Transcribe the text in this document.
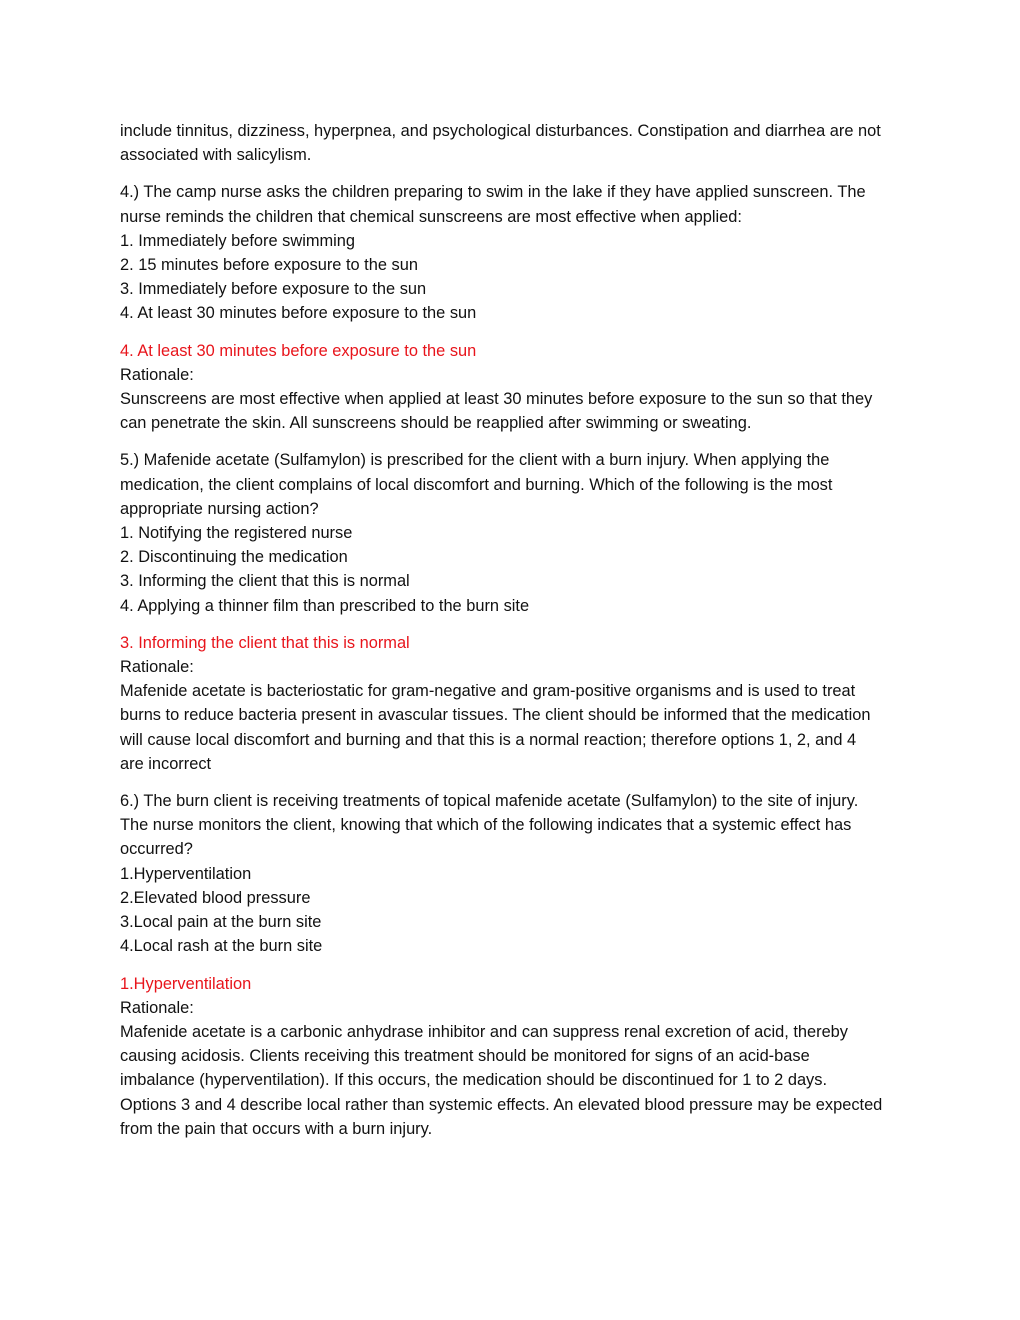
include tinnitus, dizziness, hyperpnea, and psychological disturbances. Constipation and diarrhea are not
associated with salicylism.
4.) The camp nurse asks the children preparing to swim in the lake if they have applied sunscreen. The
nurse reminds the children that chemical sunscreens are most effective when applied:
1. Immediately before swimming
2. 15 minutes before exposure to the sun
3. Immediately before exposure to the sun
4. At least 30 minutes before exposure to the sun
4. At least 30 minutes before exposure to the sun
Rationale:
Sunscreens are most effective when applied at least 30 minutes before exposure to the sun so that they
can penetrate the skin. All sunscreens should be reapplied after swimming or sweating.
5.) Mafenide acetate (Sulfamylon) is prescribed for the client with a burn injury. When applying the
medication, the client complains of local discomfort and burning. Which of the following is the most
appropriate nursing action?
1. Notifying the registered nurse
2. Discontinuing the medication
3. Informing the client that this is normal
4. Applying a thinner film than prescribed to the burn site
3. Informing the client that this is normal
Rationale:
Mafenide acetate is bacteriostatic for gram-negative and gram-positive organisms and is used to treat
burns to reduce bacteria present in avascular tissues. The client should be informed that the medication
will cause local discomfort and burning and that this is a normal reaction; therefore options 1, 2, and 4
are incorrect
6.) The burn client is receiving treatments of topical mafenide acetate (Sulfamylon) to the site of injury.
The nurse monitors the client, knowing that which of the following indicates that a systemic effect has
occurred?
1.Hyperventilation
2.Elevated blood pressure
3.Local pain at the burn site
4.Local rash at the burn site
1.Hyperventilation
Rationale:
Mafenide acetate is a carbonic anhydrase inhibitor and can suppress renal excretion of acid, thereby
causing acidosis. Clients receiving this treatment should be monitored for signs of an acid-base
imbalance (hyperventilation). If this occurs, the medication should be discontinued for 1 to 2 days.
Options 3 and 4 describe local rather than systemic effects. An elevated blood pressure may be expected
from the pain that occurs with a burn injury.
